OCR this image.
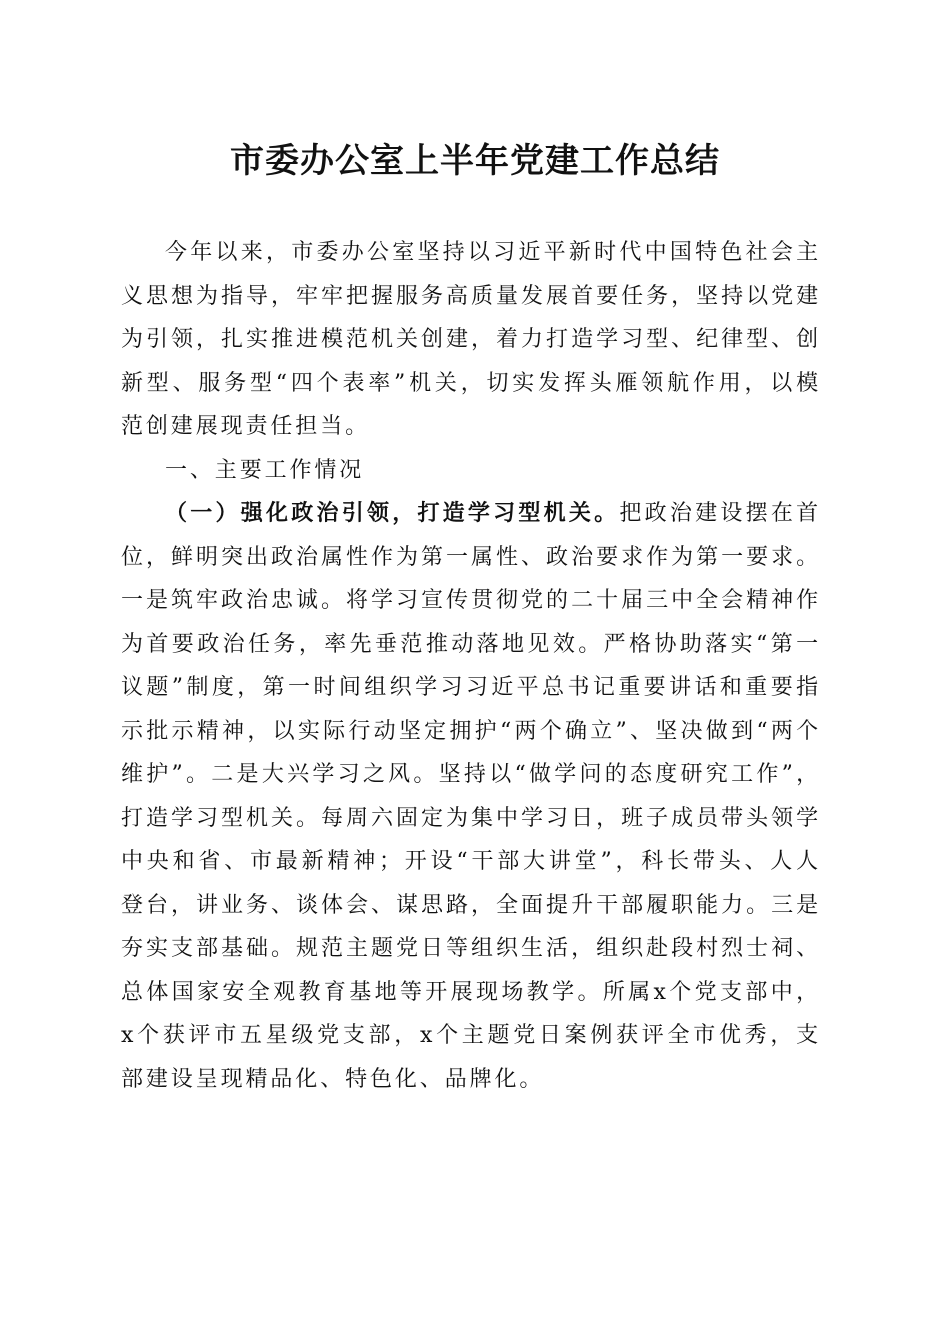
市委办公室上半年党建工作总结

今年以来，市委办公室坚持以习近平新时代中国特色社会主义思想为指导，牢牢把握服务高质量发展首要任务，坚持以党建为引领，扎实推进模范机关创建，着力打造学习型、纪律型、创新型、服务型“四个表率”机关，切实发挥头雁领航作用，以模范创建展现责任担当。

一、主要工作情况

（一）强化政治引领，打造学习型机关。把政治建设摆在首位，鲜明突出政治属性作为第一属性、政治要求作为第一要求。一是筑牢政治忠诚。将学习宣传贯彻党的二十届三中全会精神作为首要政治任务，率先垂范推动落地见效。严格协助落实“第一议题”制度，第一时间组织学习习近平总书记重要讲话和重要指示批示精神，以实际行动坚定拥护“两个确立”、坚决做到“两个维护”。二是大兴学习之风。坚持以“做学问的态度研究工作”，打造学习型机关。每周六固定为集中学习日，班子成员带头领学中央和省、市最新精神；开设“干部大讲堂”，科长带头、人人登台，讲业务、谈体会、谋思路，全面提升干部履职能力。三是夯实支部基础。规范主题党日等组织生活，组织赴段村烈士祠、总体国家安全观教育基地等开展现场教学。所属x个党支部中，x个获评市五星级党支部，x个主题党日案例获评全市优秀，支部建设呈现精品化、特色化、品牌化。
